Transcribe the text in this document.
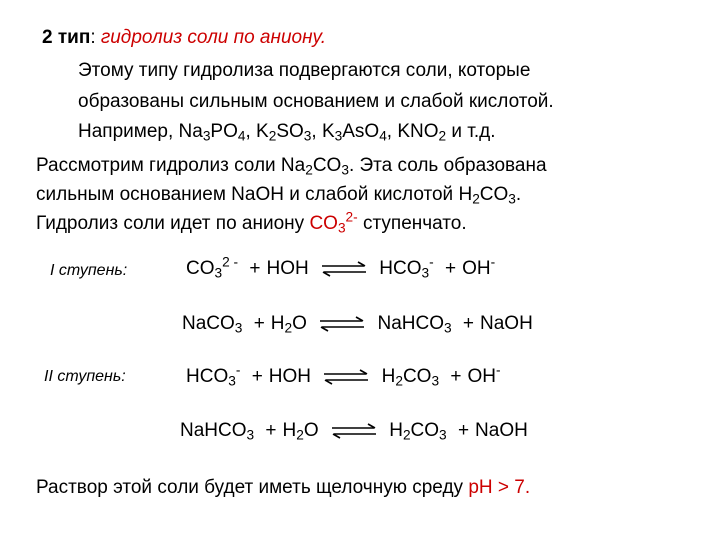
2 тип: гидролиз соли по аниону.
Этому типу гидролиза подвергаются соли, которые
образованы сильным основанием и слабой кислотой.
Например, $Na_3PO_4$, $K_2SO_3$, $K_3AsO_4$, $KNO_2$ и т.д.
Рассмотрим гидролиз соли $Na_2CO_3$. Эта соль образована
сильным основанием NaOH и слабой кислотой $H_2CO_3$.
Гидролиз соли идет по аниону $CO_3^{2-}$ ступенчато.
I ступень:
II ступень:
$CO_3^{2 -}$ + HOH ⇌ $HCO_3^- + OH^-$
NaCO$_3$ + $H_2O$ ⇌ NaHCO$_3$ + NaOH
$HCO_3^-$ + HOH ⇌ $H_2CO_3 + OH^-$
NaHCO$_3$ + $H_2O$ ⇌ $H_2CO_3$ + NaOH
Раствор этой соли будет иметь щелочную среду pH > 7.
